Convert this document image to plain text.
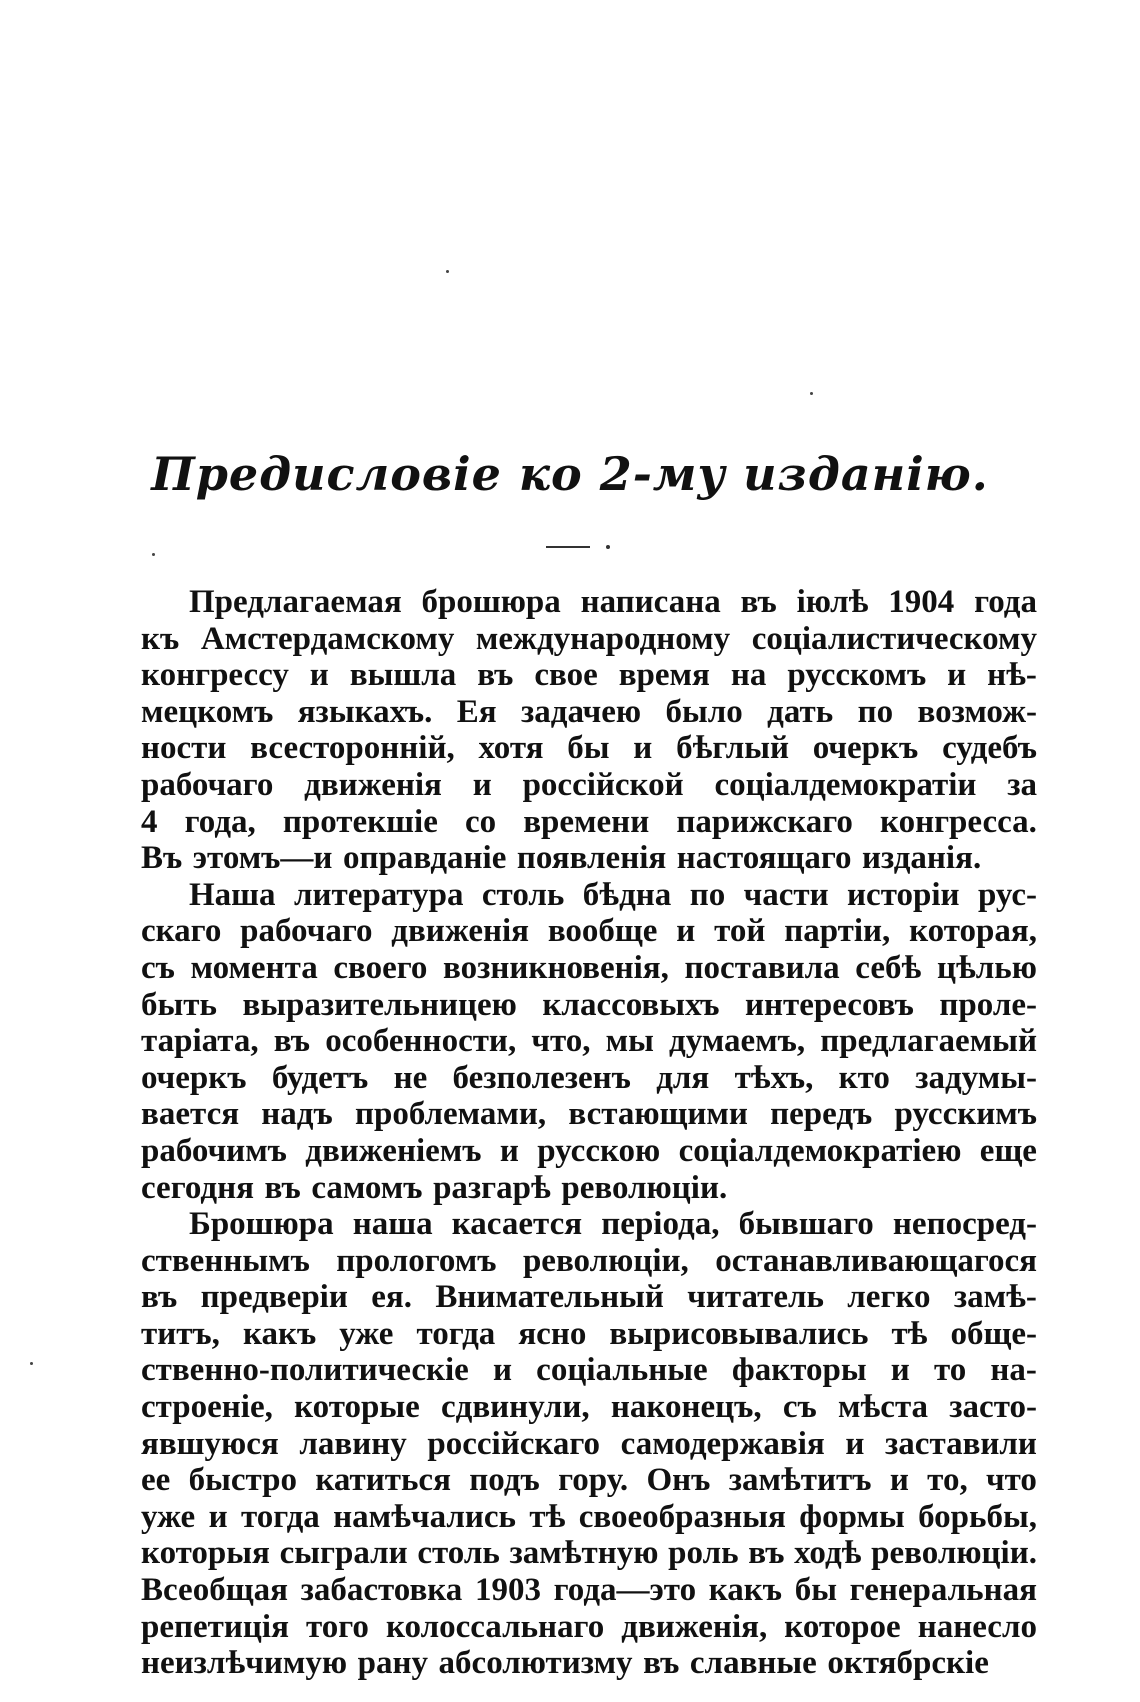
Предисловіе ко 2-му изданію.
Предлагаемая брошюра написана въ іюлѣ 1904 года
къ Амстердамскому международному соціалистическому
конгрессу и вышла въ свое время на русскомъ и нѣ-
мецкомъ языкахъ. Ея задачею было дать по возмож-
ности всесторонній, хотя бы и бѣглый очеркъ судебъ
рабочаго движенія и россійской соціалдемократіи за
4 года, протекшіе со времени парижскаго конгресса.
Въ этомъ—и оправданіе появленія настоящаго изданія.
Наша литература столь бѣдна по части исторіи рус-
скаго рабочаго движенія вообще и той партіи, которая,
съ момента своего возникновенія, поставила себѣ цѣлью
быть выразительницею классовыхъ интересовъ проле-
таріата, въ особенности, что, мы думаемъ, предлагаемый
очеркъ будетъ не безполезенъ для тѣхъ, кто задумы-
вается надъ проблемами, встающими передъ русскимъ
рабочимъ движеніемъ и русскою соціалдемократіею еще
сегодня въ самомъ разгарѣ революціи.
Брошюра наша касается періода, бывшаго непосред-
ственнымъ прологомъ революціи, останавливающагося
въ предверіи ея. Внимательный читатель легко замѣ-
титъ, какъ уже тогда ясно вырисовывались тѣ обще-
ственно-политическіе и соціальные факторы и то на-
строеніе, которые сдвинули, наконецъ, съ мѣста засто-
явшуюся лавину россійскаго самодержавія и заставили
ее быстро катиться подъ гору. Онъ замѣтитъ и то, что
уже и тогда намѣчались тѣ своеобразныя формы борьбы,
которыя сыграли столь замѣтную роль въ ходѣ революціи.
Всеобщая забастовка 1903 года—это какъ бы генеральная
репетиція того колоссальнаго движенія, которое нанесло
неизлѣчимую рану абсолютизму въ славные октябрскіе
